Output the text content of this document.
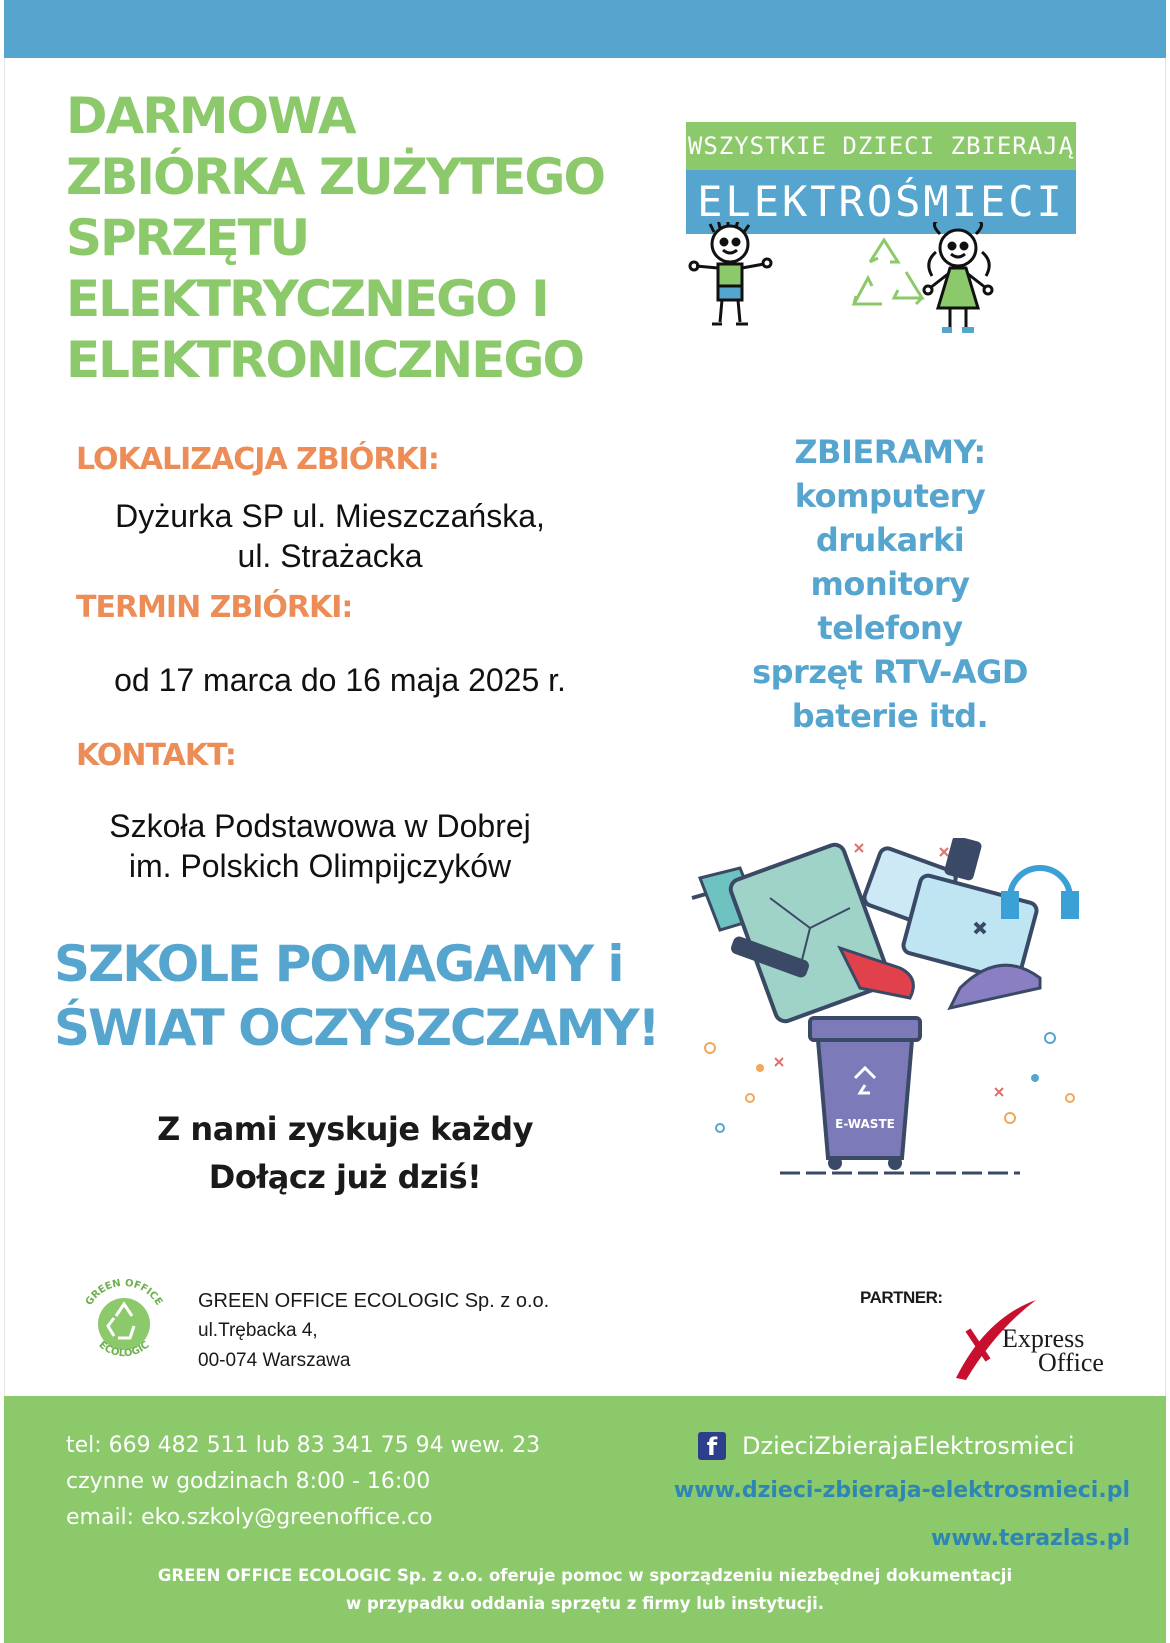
DARMOWA
ZBIÓRKA ZUŻYTEGO
SPRZĘTU
ELEKTRYCZNEGO I
ELEKTRONICZNEGO
WSZYSTKIE DZIECI ZBIERAJĄ
ELEKTROŚMIECI
LOKALIZACJA ZBIÓRKI:

Dyżurka SP ul. Mieszczańska,
ul. Strażacka

TERMIN ZBIÓRKI:

od 17 marca do 16 maja 2025 r.

KONTAKT:

Szkoła Podstawowa w Dobrej
im. Polskich Olimpijczyków

ZBIERAMY:
komputery
drukarki
monitory
telefony
sprzęt RTV-AGD
baterie itd.
SZKOLE POMAGAMY i
ŚWIAT OCZYSZCZAMY!
Z nami zyskuje każdy
Dołącz już dziś!
E-WASTE
GREEN OFFICE
ECOLOGIC
GREEN OFFICE ECOLOGIC Sp. z o.o.
ul.Trębacka 4,
00-074 Warszawa
PARTNER:
Express
Office
tel: 669 482 511 lub 83 341 75 94 wew. 23
czynne w godzinach 8:00 - 16:00
email: eko.szkoly@greenoffice.co
f	DzieciZbierajaElektrosmieci
www.dzieci-zbieraja-elektrosmieci.pl
www.terazlas.pl
GREEN OFFICE ECOLOGIC Sp. z o.o. oferuje pomoc w sporządzeniu niezbędnej dokumentacji
w przypadku oddania sprzętu z firmy lub instytucji.
